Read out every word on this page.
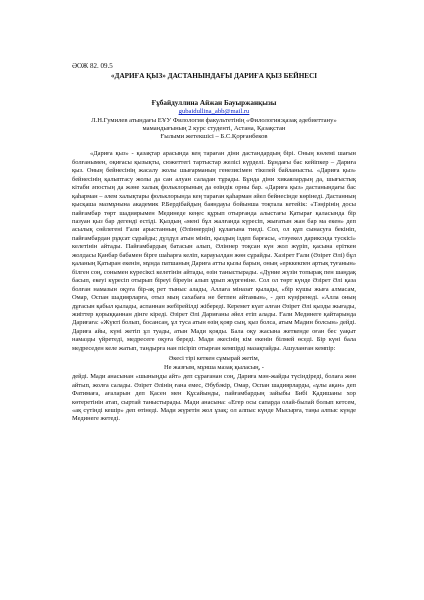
ӘОЖ 82. 09.5
«ДАРИҒА ҚЫЗ» ДАСТАНЫНДАҒЫ ДАРИҒА ҚЫЗ БЕЙНЕСІ
Ғұбайдуллина Айжан Бауыржанқызы
gubaidullina_abb@mail.ru
Л.Н.Гумилев атындағы ЕҰУ Филология факультетінің «Филология:қазақ әдебиеттану»
мамандығының 2 курс студенті, Астана, Қазақстан
Ғылыми жетекшісі – Б.С.Қорғанбеков

«Дариға қыз» - қазақтар арасында кең тараған діни дастандардың бірі. Оның көлемі шағын болғанымен, оқиғасы қызықты, сюжеттегі тартыстар желісі күрделі. Бұндағы бас кейіпкер – Дариға қыз. Оның бейнесінің жасалу жолы шығарманың генезисімен тікелей байланысты. «Дариға қыз» бейнесінің қалыптасу жолы да сан алуан саладан тұрады. Бұнда діни хикаялардың да, шығыстық кітаби әпостың да және халық фольклорының да өзіндік орны бар. «Дариға қыз» дастанындағы бас қаһарман – әлем халықтары фольклорында кең тараған қаһарман әйел бейнесінде көрінеді. Дастанның қысқаша мазмұнына академик Р.Бердібайдың баяндауы бойынша тоқтала кетейік: «Тәңірінің досы пайғамбар төрт шадиярымен Мединеде кеңес құрып отырғанда алыстағы Қатырағ қаласында бір пазуан қыз бар дегенді естіді. Қыздың «мені бұл жалғанда күресіп, жығатын жан бар ма екен» деп асылық сөйлегені Ғали арыстанның (Әліннердің) құлағына тиеді. Сол, ол құп сынасуға бекініп, пайғамбардан рұқсат сұрайды; дүлдүл атын мініп, қыздың іздеп барғасы, «тәуекел дарикснда тускісі» келетінін айтады. Пайғамбардың батасын алып, Әліннер тоқсан күн жол жүріп, қасына еріткен жолдасы Қанбар бабамен бірге шаһарға келіп, карауылдан жөн сұрайды. Хазірет Ғали (Әзірет Әлі) бұл қаланың Қатыран екенін, мұнда патшаның Дариға атты қызы барын, оның «ерккекпен артық туғанын» білген соң, сонымен күресіксі келетінін айтады, өзін таныстырады. «Дүние жүзін топырақ пен шаңдақ басып, екеуі күресіп отырып біреуі біреуін алып ұрып жүргеніне. Сол ол төрт күнде Әзірет Әлі қаза болған намазын оқуға бір-ақ рет тыныс алады, Аллаға міназат қылады, «бір күшы жыға алмасам, Омар, Оспан шадиярларға, отыз мың сахабаға не бетпен айтамын», - деп күңіренеді. «Алла оның дұғасын қабыл қылады, аспаннан жебірейілді жібереді. Керемет күат алған Әзірет Әлі қызды жығады, жиіттер қорыққаннан дінге кіреді. Әзірет Әлі Дариғаны әйел етіп алады. Ғали Мединеге қайтарында Дариғаға: «Жүкті болып, босансаң, ұл туса атын өзің қояр сың, қыз болса, атым Мадин болсын» дейді. Дариға айы, күні жетіп ұл туады, атын Мади қояды. Бала оқу жасына жеткенде оған бес уақыт намазды үйретеді, медресеге оқуға береді. Мади әкесінің кім екенін білмей өседі. Бір күні бала медреседен келе жатып, тандырға нан пісіріп отырған кемпірді мазақтайды. Ашуланған кемпір:

Әкесі тірі кеткен сұмырай жетім,
Не жазғым, мұнша мазақ қыласың, -

дейді. Мади анасынан «шыныңды айт» деп сұрағанан соң, Дариға мән-жайды түсіндіреді, болаға жөн айтып, жолға салады. Әзірет Әлінің ғана емес, Әбубәкір, Омар, Оспан шадиярларды, «ұлы ақан» деп Фатимаға, ағаларын деп Қасен мен Құсайынды, пайғамбардың зайыбы Бибі Қадишаны хор көтеретінін атап, сыртай таныстырады. Мади анасына: «Егер осы сапарда олай-былай болып кетсем, «ақ сүтінді кешір» деп өтінеді. Мади жүретін жол ұзақ; ол алпыс күнде Мысырға, таңы алпыс күнде Мединеге жетеді.
